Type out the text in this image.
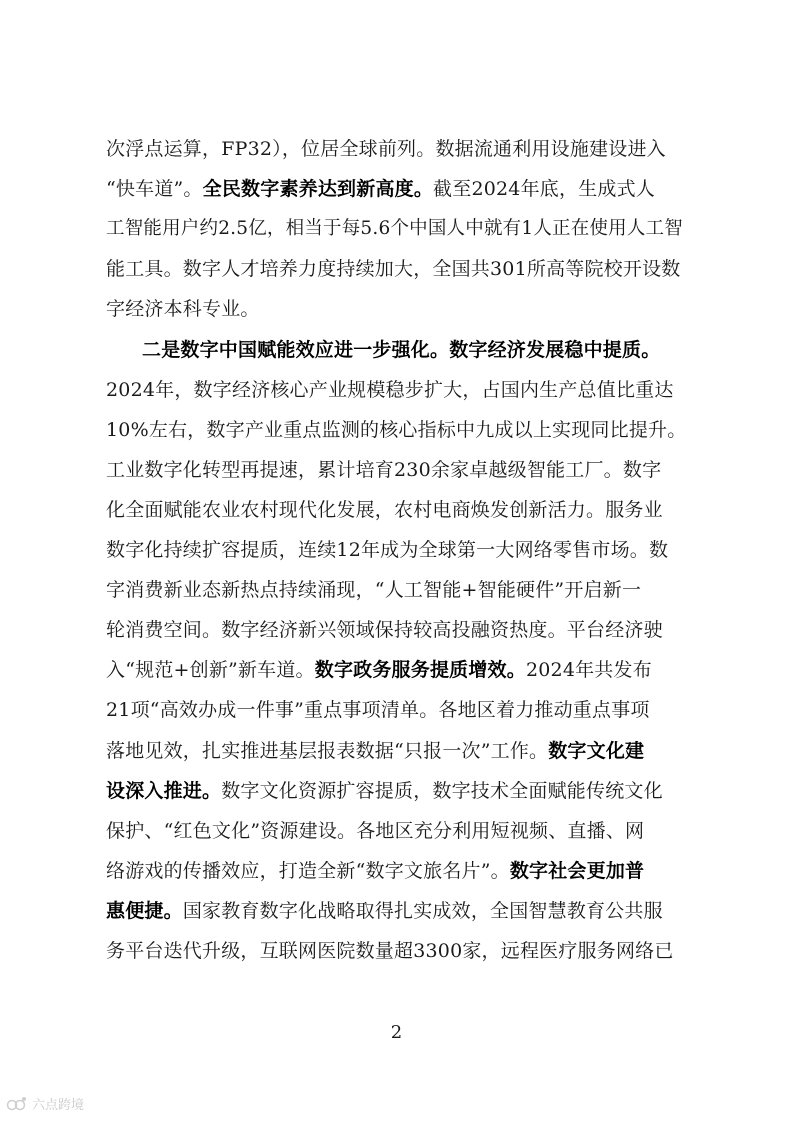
次浮点运算，FP32），位居全球前列。数据流通利用设施建设进入
“快车道”。全民数字素养达到新高度。截至2024年底，生成式人
工智能用户约2.5亿，相当于每5.6个中国人中就有1人正在使用人工智
能工具。数字人才培养力度持续加大，全国共301所高等院校开设数
字经济本科专业。
二是数字中国赋能效应进一步强化。数字经济发展稳中提质。
2024年，数字经济核心产业规模稳步扩大，占国内生产总值比重达
10%左右，数字产业重点监测的核心指标中九成以上实现同比提升。
工业数字化转型再提速，累计培育230余家卓越级智能工厂。数字
化全面赋能农业农村现代化发展，农村电商焕发创新活力。服务业
数字化持续扩容提质，连续12年成为全球第一大网络零售市场。数
字消费新业态新热点持续涌现，“人工智能+智能硬件”开启新一
轮消费空间。数字经济新兴领域保持较高投融资热度。平台经济驶
入“规范+创新”新车道。数字政务服务提质增效。2024年共发布
21项“高效办成一件事”重点事项清单。各地区着力推动重点事项
落地见效，扎实推进基层报表数据“只报一次”工作。数字文化建
设深入推进。数字文化资源扩容提质，数字技术全面赋能传统文化
保护、“红色文化”资源建设。各地区充分利用短视频、直播、网
络游戏的传播效应，打造全新“数字文旅名片”。数字社会更加普
惠便捷。国家教育数字化战略取得扎实成效，全国智慧教育公共服
务平台迭代升级，互联网医院数量超3300家，远程医疗服务网络已
2
六点跨境
